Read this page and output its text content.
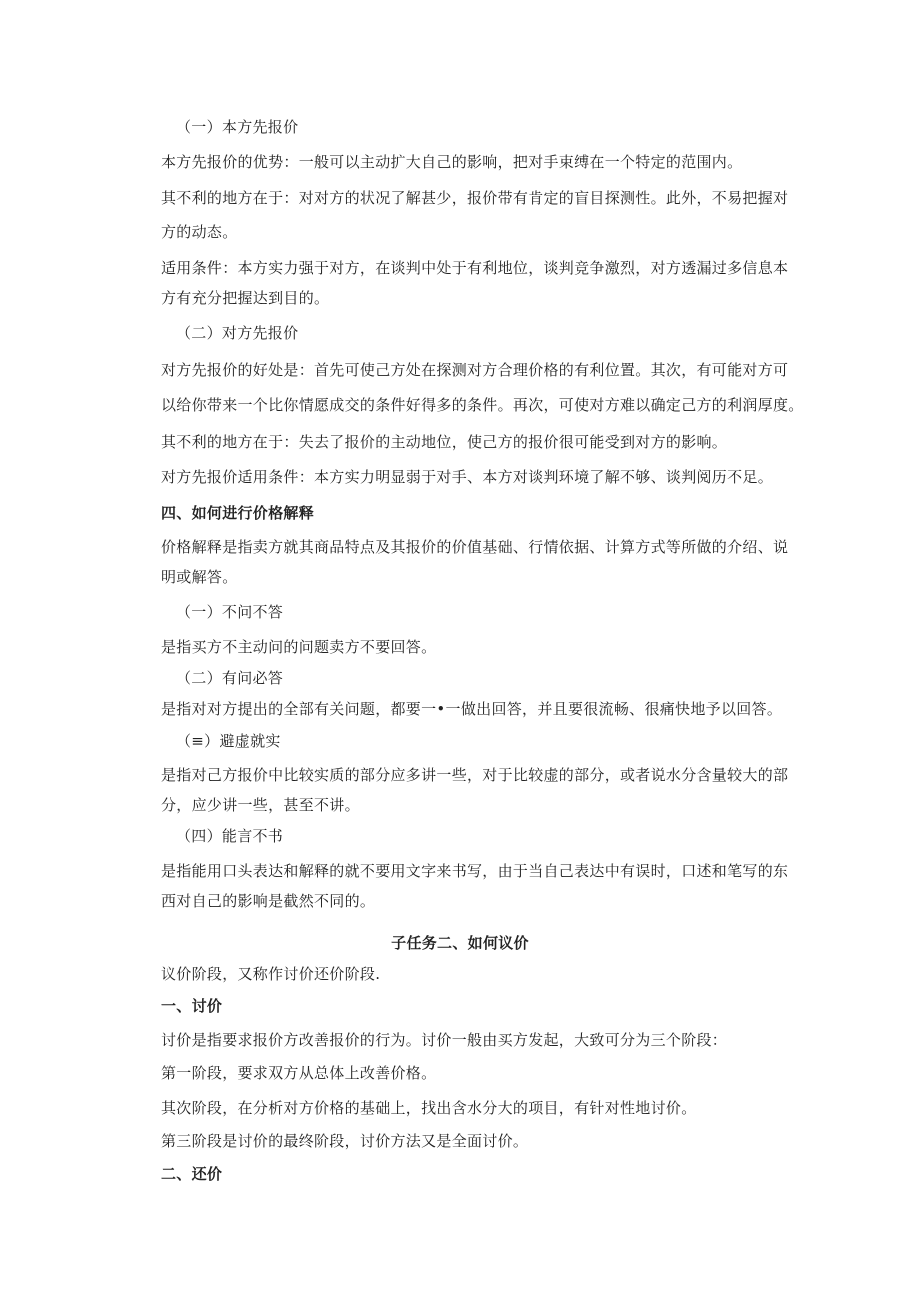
（一）本方先报价
本方先报价的优势：一般可以主动扩大自己的影响，把对手束缚在一个特定的范围内。
其不利的地方在于：对对方的状况了解甚少，报价带有肯定的盲目探测性。此外，不易把握对
方的动态。
适用条件：本方实力强于对方，在谈判中处于有利地位，谈判竞争激烈，对方透漏过多信息本
方有充分把握达到目的。
（二）对方先报价
对方先报价的好处是：首先可使己方处在探测对方合理价格的有利位置。其次，有可能对方可
以给你带来一个比你情愿成交的条件好得多的条件。再次，可使对方难以确定己方的利润厚度。
其不利的地方在于：失去了报价的主动地位，使己方的报价很可能受到对方的影响。
对方先报价适用条件：本方实力明显弱于对手、本方对谈判环境了解不够、谈判阅历不足。
四、如何进行价格解释
价格解释是指卖方就其商品特点及其报价的价值基础、行情依据、计算方式等所做的介绍、说
明或解答。
（一）不问不答
是指买方不主动问的问题卖方不要回答。
（二）有问必答
是指对对方提出的全部有关问题，都要一•一做出回答，并且要很流畅、很痛快地予以回答。
（≡）避虚就实
是指对己方报价中比较实质的部分应多讲一些，对于比较虚的部分，或者说水分含量较大的部
分，应少讲一些，甚至不讲。
（四）能言不书
是指能用口头表达和解释的就不要用文字来书写，由于当自己表达中有误时，口述和笔写的东
西对自己的影响是截然不同的。
子任务二、如何议价
议价阶段，又称作讨价还价阶段.
一、讨价
讨价是指要求报价方改善报价的行为。讨价一般由买方发起，大致可分为三个阶段：
第一阶段，要求双方从总体上改善价格。
其次阶段，在分析对方价格的基础上，找出含水分大的项目，有针对性地讨价。
第三阶段是讨价的最终阶段，讨价方法又是全面讨价。
二、还价
